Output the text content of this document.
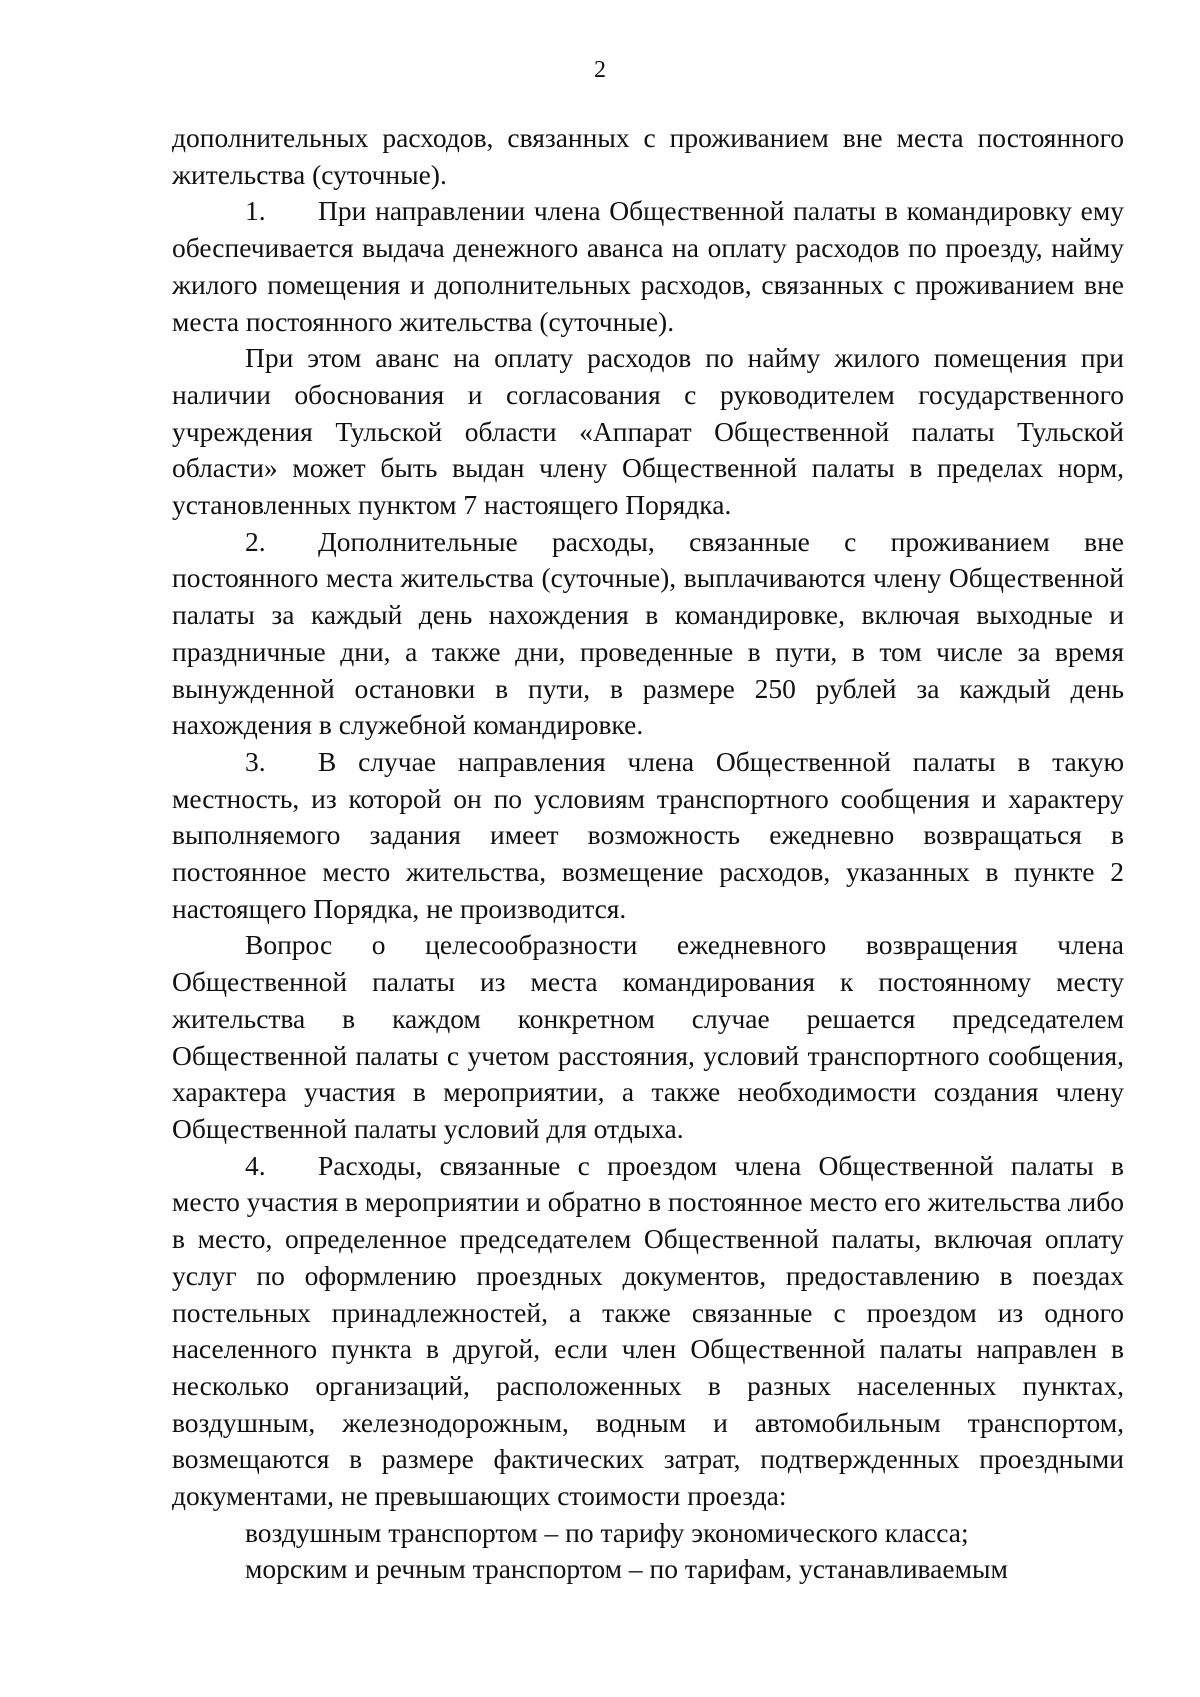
2

дополнительных расходов, связанных с проживанием вне места постоянного жительства (суточные).

1. При направлении члена Общественной палаты в командировку ему обеспечивается выдача денежного аванса на оплату расходов по проезду, найму жилого помещения и дополнительных расходов, связанных с проживанием вне места постоянного жительства (суточные).

При этом аванс на оплату расходов по найму жилого помещения при наличии обоснования и согласования с руководителем государственного учреждения Тульской области «Аппарат Общественной палаты Тульской области» может быть выдан члену Общественной палаты в пределах норм, установленных пунктом 7 настоящего Порядка.

2. Дополнительные расходы, связанные с проживанием вне постоянного места жительства (суточные), выплачиваются члену Общественной палаты за каждый день нахождения в командировке, включая выходные и праздничные дни, а также дни, проведенные в пути, в том числе за время вынужденной остановки в пути, в размере 250 рублей за каждый день нахождения в служебной командировке.

3. В случае направления члена Общественной палаты в такую местность, из которой он по условиям транспортного сообщения и характеру выполняемого задания имеет возможность ежедневно возвращаться в постоянное место жительства, возмещение расходов, указанных в пункте 2 настоящего Порядка, не производится.

Вопрос о целесообразности ежедневного возвращения члена Общественной палаты из места командирования к постоянному месту жительства в каждом конкретном случае решается председателем Общественной палаты с учетом расстояния, условий транспортного сообщения, характера участия в мероприятии, а также необходимости создания члену Общественной палаты условий для отдыха.

4. Расходы, связанные с проездом члена Общественной палаты в место участия в мероприятии и обратно в постоянное место его жительства либо в место, определенное председателем Общественной палаты, включая оплату услуг по оформлению проездных документов, предоставлению в поездах постельных принадлежностей, а также связанные с проездом из одного населенного пункта в другой, если член Общественной палаты направлен в несколько организаций, расположенных в разных населенных пунктах, воздушным, железнодорожным, водным и автомобильным транспортом, возмещаются в размере фактических затрат, подтвержденных проездными документами, не превышающих стоимости проезда:

воздушным транспортом – по тарифу экономического класса;

морским и речным транспортом – по тарифам, устанавливаемым
